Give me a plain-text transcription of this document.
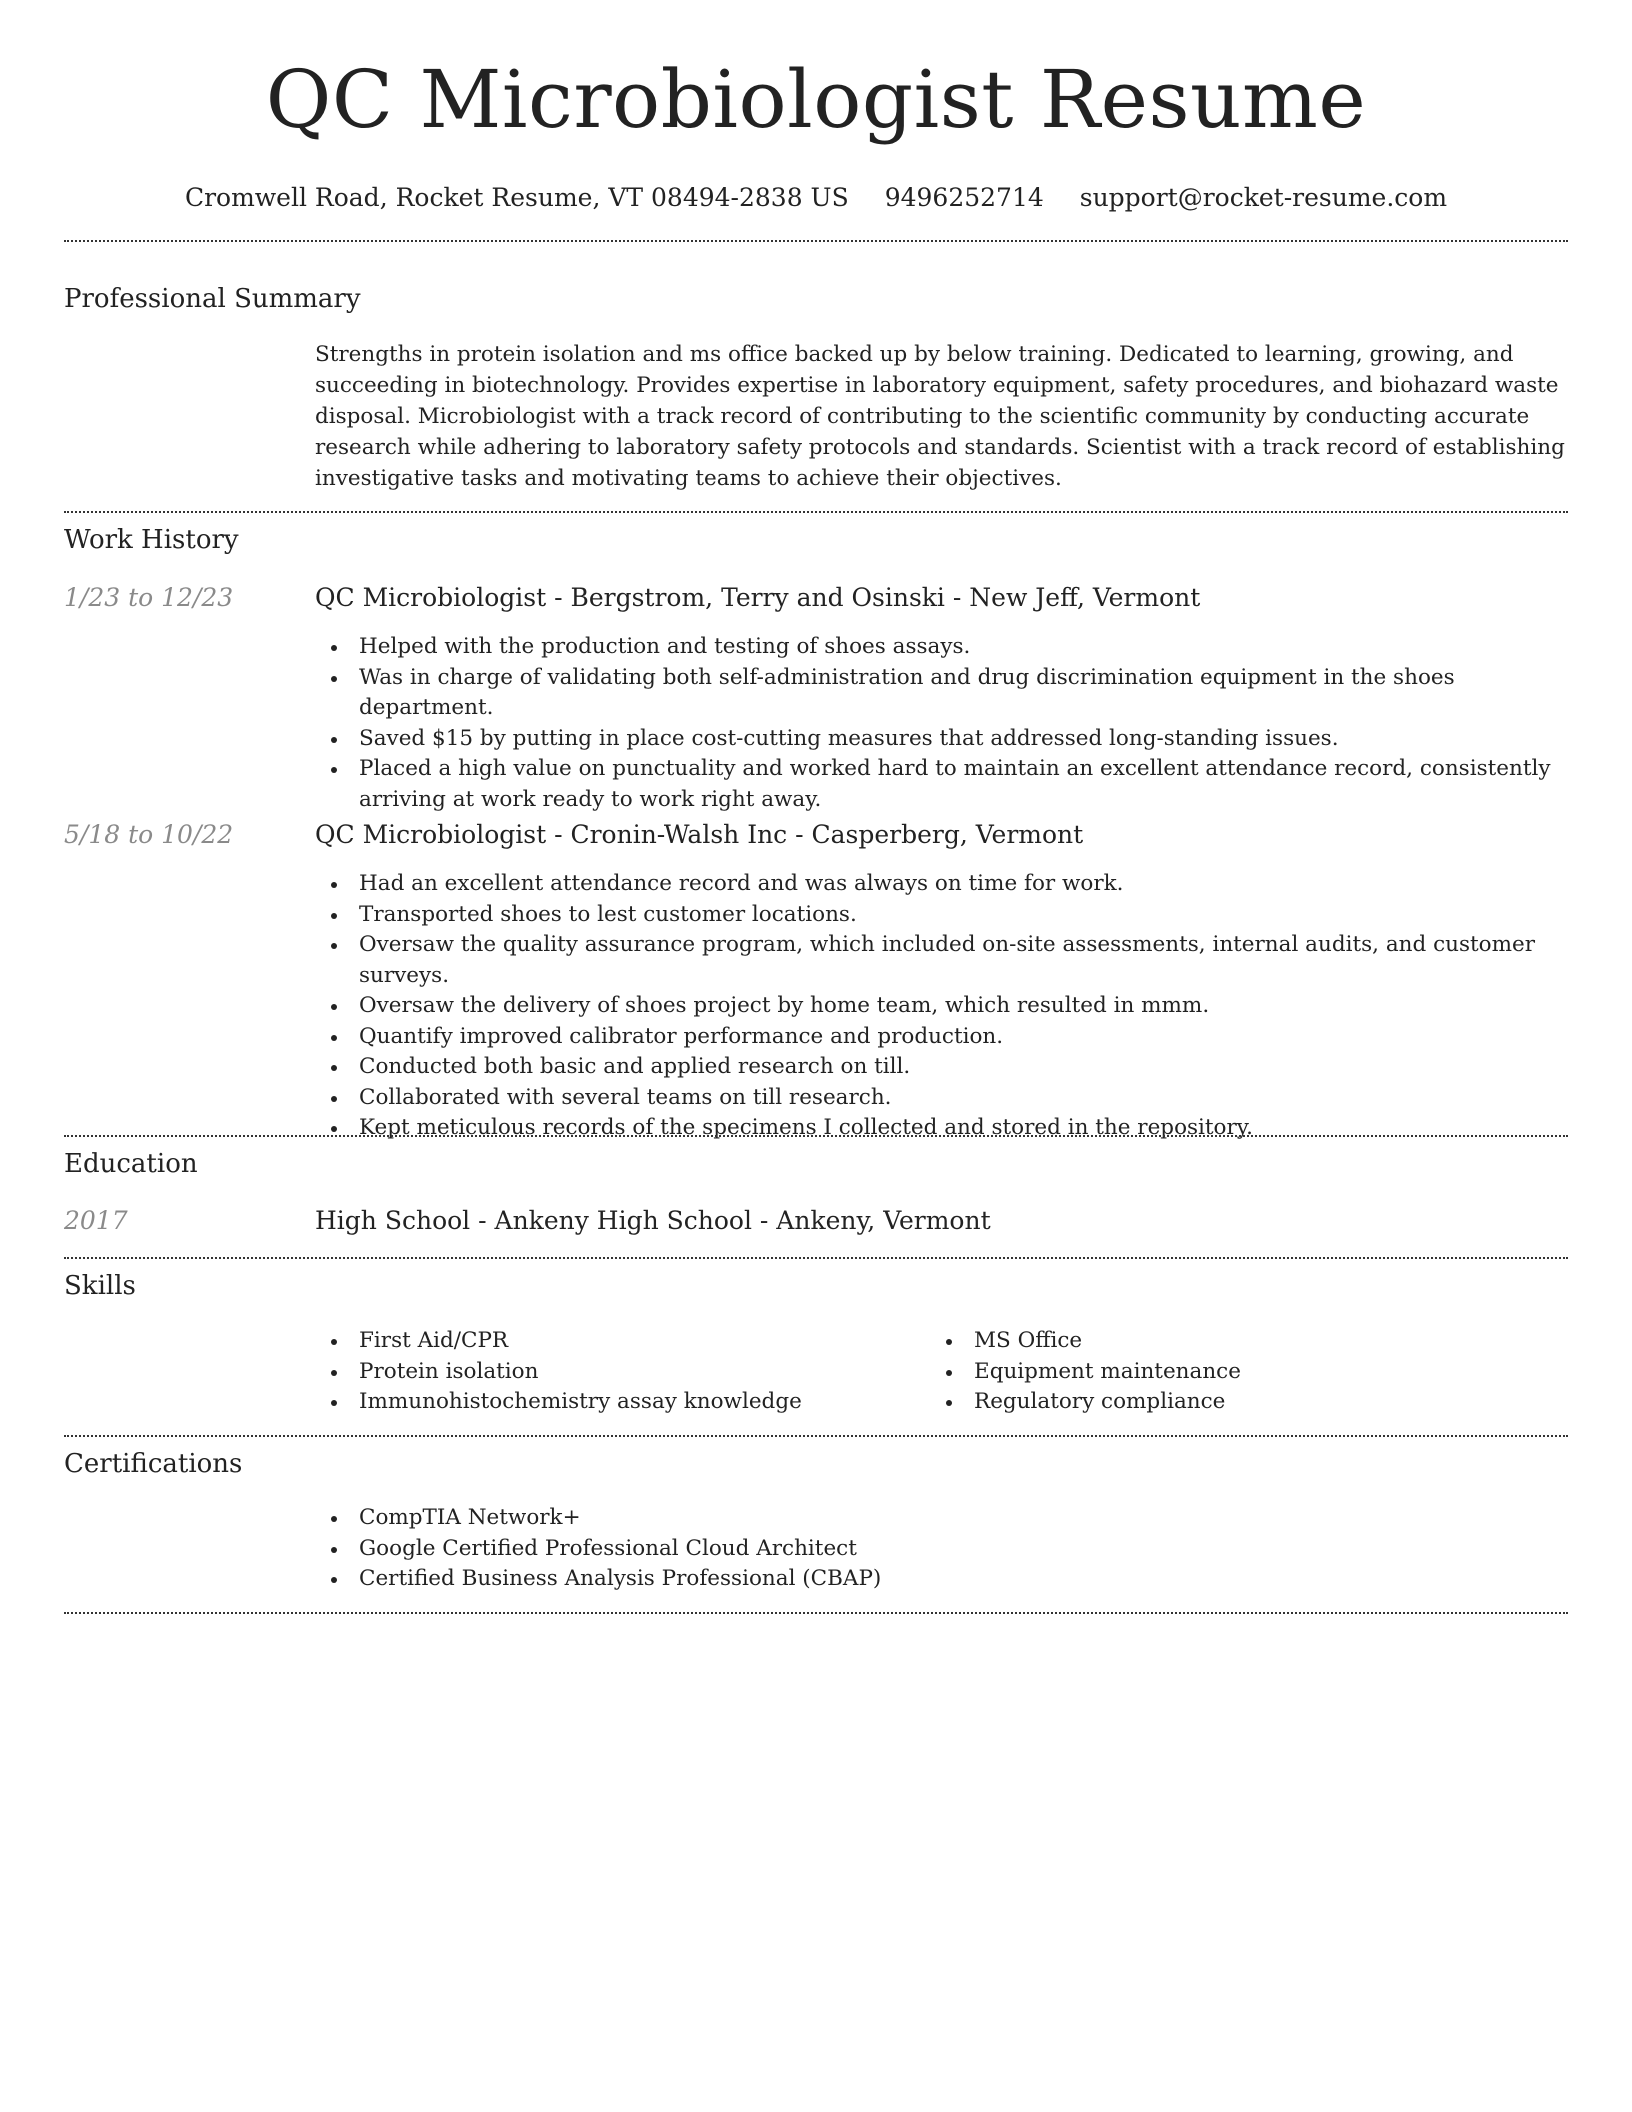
QC Microbiologist Resume
Cromwell Road, Rocket Resume, VT 08494-2838 US 9496252714 support@rocket-resume.com
Professional Summary
Strengths in protein isolation and ms office backed up by below training. Dedicated to learning, growing, and succeeding in biotechnology. Provides expertise in laboratory equipment, safety procedures, and biohazard waste disposal. Microbiologist with a track record of contributing to the scientific community by conducting accurate research while adhering to laboratory safety protocols and standards. Scientist with a track record of establishing investigative tasks and motivating teams to achieve their objectives.
Work History
1/23 to 12/23	QC Microbiologist - Bergstrom, Terry and Osinski - New Jeff, Vermont
Helped with the production and testing of shoes assays.
Was in charge of validating both self-administration and drug discrimination equipment in the shoes department.
Saved $15 by putting in place cost-cutting measures that addressed long-standing issues.
Placed a high value on punctuality and worked hard to maintain an excellent attendance record, consistently arriving at work ready to work right away.
5/18 to 10/22	QC Microbiologist - Cronin-Walsh Inc - Casperberg, Vermont
Had an excellent attendance record and was always on time for work.
Transported shoes to lest customer locations.
Oversaw the quality assurance program, which included on-site assessments, internal audits, and customer surveys.
Oversaw the delivery of shoes project by home team, which resulted in mmm.
Quantify improved calibrator performance and production.
Conducted both basic and applied research on till.
Collaborated with several teams on till research.
Kept meticulous records of the specimens I collected and stored in the repository.
Education
2017	High School - Ankeny High School - Ankeny, Vermont
Skills
First Aid/CPR
Protein isolation
Immunohistochemistry assay knowledge
MS Office
Equipment maintenance
Regulatory compliance
Certifications
CompTIA Network+
Google Certified Professional Cloud Architect
Certified Business Analysis Professional (CBAP)
